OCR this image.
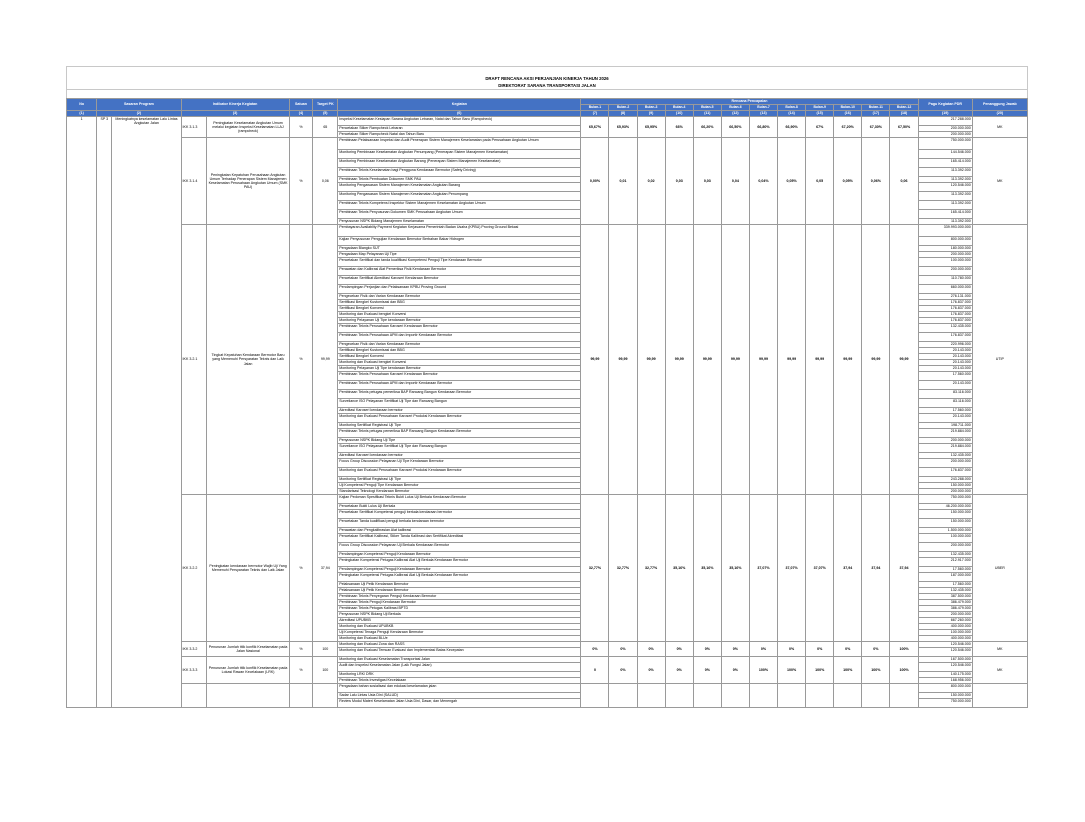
DRAFT RENCANA AKSI PERJANJIAN KINERJA TAHUN 2026
DIREKTORAT SARANA TRANSPORTASI JALAN
No	Sasaran Program		Indikator Kinerja Kegiatan		Satuan	Target PK	Kegiatan	Rencana Pencapaian												Pagu Kegiatan PDR	Penanggung Jawab
								Bulan-1	Bulan-2	Bulan-3	Bulan-4	Bulan-5	Bulan-6	Bulan-7	Bulan-8	Bulan-9	Bulan-10	Bulan-11	Bulan-12		
(1)	(2)		(3)		(4)	(5)	(6)	(7)	(8)	(9)	(10)	(11)	(12)	(13)	(14)	(15)	(16)	(17)	(18)	(19)	(20)
1	SP 3	Meningkatnya keselamatan Lalu Lintas Angkutan Jalan	IKK 3.1.3	Peningkatan Keselamatan Angkutan Umum melalui kegiatan Inspeksi Keselamatan LLAJ (rampcheck)	%	65	Inspeksi Keselamatan Kesiapan Sarana Angkutan Lebaran, Natal dan Tahun Baru (Rampcheck)	65,67%	65,93%	65,95%	66%	66,20%	66,50%	66,80%	66,90%	67%	67,20%	67,30%	67,50%	217.288.000	MK
							Pencetakan Stiker Rampcheck Lebaran													200.000.000	
							Pencetakan Stiker Rampcheck Natal dan Tahun Baru													200.000.000	
			IKK 3.1.4	Peningkatan Kepatuhan Perusahaan Angkutan Umum Terhadap Penerapan Sistem Manajemen Keselamatan Perusahaan Angkutan Umum (SMK PAU)	%	0,06	Pembinaan Pelaksanaan Inspeksi dan Audit Penerapan Sistem Manajemen Keselamatan pada Perusahaan Angkutan Umum	0,00%	0,01	0,02	0,03	0,03	0,04	0,04%	0,05%	0,05	0,05%	0,06%	0,06	750.000.000	MK
							Monitoring Pembinaan Keselamatan Angkutan Penumpang (Penerapan Sistem Manajemen Keselamatan)													144.546.000	
							Monitoring Pembinaan Keselamatan Angkutan Barang (Penerapan Sistem Manajemen Keselamatan)													165.414.000	
							Pembinaan Teknis Keselamatan bagi Pengguna Kendaraan Bermotor (Safety Driving)													113.392.000	
							Pembinaan Teknis Pembuatan Dokumen SMK PAU													113.392.000	
							Monitoring Pengawasan Sistem Manajemen Keselamatan Angkutan Barang													120.546.000	
							Monitoring Pengawasan Sistem Manajemen Keselamatan Angkutan Penumpang													113.392.000	
							Pembinaan Teknis Kompetensi Inspektur Sistem Manajemen Keselamatan Angkutan Umum													113.392.000	
							Pembinaan Teknis Penyusunan Dokumen SMK Perusahaan Angkutan Umum													165.414.000	
							Penyusunan NSPK Bidang Manajemen Keselamatan													113.392.000	
			IKK 3.2.1	Tingkat Kepatuhan Kendaraan Bermotor Baru yang Memenuhi Persyaratan Teknis dan Laik Jalan	%	99,99	Pembayaran Availablity Payment Kegiatan Kerjasama Pemerintah Badan Usaha (KPBU) Proving Ground Bekasi	99,99	99,99	99,99	99,99	99,99	99,99	99,99	99,99	99,99	99,99	99,99	99,99	339.993.000.000	UTIP
							Kajian Penyusunan Pengujian Kendaraan Bermotor Berbahan Bakar Hidrogen													800.000.000	
							Pengadaan Blangko SUT													180.000.000	
							Pengadaan Map Pelayanan Uji Tipe													200.000.000	
							Pencetakan Sertifikat dan tanda kualifikasi Kompetensi Penguji Tipe Kendaraan Bermotor													100.000.000	
							Perawatan dan Kalibrasi Alat Pemeriksa Fisik Kendaraan Bermotor													200.000.000	
							Pencetakan Sertifikat Akreditasi Karoseri Kendaraan Bermotor													110.780.000	
							Pendampingan Perjanjian dan Pelaksanaan KPBU Proving Ground													660.000.000	
							Pengecekan Fisik dan Varian Kendaraan Bermotor													276.131.000	
							Sertifikasi Bengkel Kustomisasi dan BBG													176.837.000	
							Sertifikasi Bengkel Konversi													176.837.000	
							Monitoring dan Evaluasi bengkel Konversi													176.837.000	
							Monitoring Pelayanan Uji Tipe kendaraan Bermotor													176.837.000	
							Pembinaan Teknis Perusahaan Karoseri Kendaraan Bermotor													132.435.000	
							Pembinaan Teknis Perusahaan APM dan Importir Kendaraan Bermotor													176.837.000	
							Pengecekan Fisik dan Varian Kendaraan Bermotor													220.996.000	
							Sertifikasi Bengkel Kustomisasi dan BBG													20.143.000	
							Sertifikasi Bengkel Konversi													20.143.000	
							Monitoring dan Evaluasi bengkel Konversi													20.143.000	
							Monitoring Pelayanan Uji Tipe kendaraan Bermotor													20.143.000	
							Pembinaan Teknis Perusahaan Karoseri Kendaraan Bermotor													17.560.000	
							Pembinaan Teknis Perusahaan APM dan Importir Kendaraan Bermotor													20.143.000	
							Pembinaan Teknis petugas pemeriksa BAP Rancang Bangun Kendaraan Bermotor													83.116.000	
							Surveilance ISO Pelayanan Sertifikat Uji Tipe dan Rancang Bangun													83.116.000	
							Akreditasi Karoseri kendaraan bermotor													17.560.000	
							Monitoring dan Evaluasi Perusahaan Karoseri Produksi Kendaraan Bermotor													20.143.000	
							Monitoring Sertifikat Registrasi Uji Tipe													198.711.000	
							Pembinaan Teknis petugas pemeriksa BAP Rancang Bangun Kendaraan Bermotor													219.884.000	
							Penyusunan NSPK Bidang Uji Tipe													200.000.000	
							Surveilance ISO Pelayanan Sertifikat Uji Tipe dan Rancang Bangun													219.884.000	
							Akreditasi Karoseri kendaraan bermotor													132.435.000	
							Focus Group Discussion Pelayanan Uji Tipe Kendaraan Bermotor													200.000.000	
							Monitoring dan Evaluasi Perusahaan Karoseri Produksi Kendaraan Bermotor													176.837.000	
							Monitoring Sertifikat Registrasi Uji Tipe													243.288.000	
							Uji Kompetensi Penguji Tipe Kendaraan Bermotor													150.000.000	
							Standarisasi Teknologi Kendaraan Bermotor													200.000.000	
			IKK 3.2.2	Peningkatan kendaraan bermotor Wajib Uji Yang Memenuhi Persyaratan Teknis dan Laik Jalan	%	37,94	Kajian Pedoman Spesifikasi Teknis Bukti Lulus Uji Berkala Kendaraan Bermotor	32,77%	32,77%	32,77%	35,16%	35,16%	35,16%	37,07%	37,07%	37,07%	37,94	37,94	37,94	750.000.000	UBER
							Pencetakan Bukti Lulus Uji Berkala													46.200.000.000	
							Pencetakan Sertifikat Kompetensi penguji berkala kendaraan bermotor													150.000.000	
							Pencetakan Tanda kualifikasi penguji berkala kendaraan bermotor													150.000.000	
							Perawatan dan Pengkalibrasian Alat kalibrasi													1.500.000.000	
							Pencetakan Sertifikat Kalibrasi, Stiker Tanda Kalibrasi dan Sertifikat Akreditasi													100.000.000	
							Focus Group Discussion Pelayanan Uji Berkala Kendaraan Bermotor													200.000.000	
							Pendampingan Kompetensi Penguji Kendaraan Bermotor													132.435.000	
							Peningkatan Kompetensi Petugas Kalibrasi Alat Uji Berkala Kendaraan Bermotor													212.917.000	
							Pendampingan Kompetensi Penguji Kendaraan Bermotor													17.560.000	
							Peningkatan Kompetensi Petugas Kalibrasi Alat Uji Berkala Kendaraan Bermotor													187.000.000	
							Pelaksanaan Uji Petik Kendaraan Bermotor													17.560.000	
							Pelaksanaan Uji Petik Kendaraan Bermotor													132.435.000	
							Pembinaan Teknis Penyegaran Penguji Kendaraan Bermotor													387.500.000	
							Pembinaan Teknis Penguji Kendaraan Bermotor													386.479.000	
							Pembinaan Teknis Petugas Kalibrasi BPTD													386.479.000	
							Penyusunan NSPK Bidang Uji Berkala													200.000.000	
							Akreditasi UPUBKB													667.260.000	
							Monitoring dan Evaluasi UPUBKB													400.000.000	
							Uji Kompetensi Tenaga Penguji Kendaraan Bermotor													100.000.000	
							Monitoring dan Evaluasi BLUe													400.000.000	
			IKK 3.3.2	Penurunan Jumlah titik konflik Keselamatan pada Jalan Nasional	%	100	Monitoring dan Evaluasi Zona dan RASS	0%	0%	0%	0%	0%	0%	0%	0%	0%	0%	0%	100%	120.546.000	MK
							Monitoring dan Evaluasi Temuan Evaluasi dan Implementasi Batas Kecepatan													120.546.000	
			IKK 3.3.3	Penurunan Jumlah titik konflik Keselamatan pada Lokasi Rawan Kecelakaan (LRK)	%	100	Monitoring dan Evaluasi Keselamatan Transportasi Jalan	0	0%	0%	0%	0%	0%	100%	100%	100%	100%	100%	100%	167.500.000	MK
							Audit dan Inspeksi Keselamatan Jalan (Laik Fungsi Jalan)													120.546.000	
							Monitoring LRK/ DRK													140.175.000	
							Pembinaan Teknis Investigasi Kecelakaan													168.956.000	
							Pengadaan bahan sosialisasi dan edukasi keselamatan jalan													800.000.000	
							Sadar Lalu Lintas Usia Dini (SALUD)													150.000.000	
							Review Modul Materi Keselamatan Jalan Usia Dini, Dasar, dan Menengah													750.000.000	
